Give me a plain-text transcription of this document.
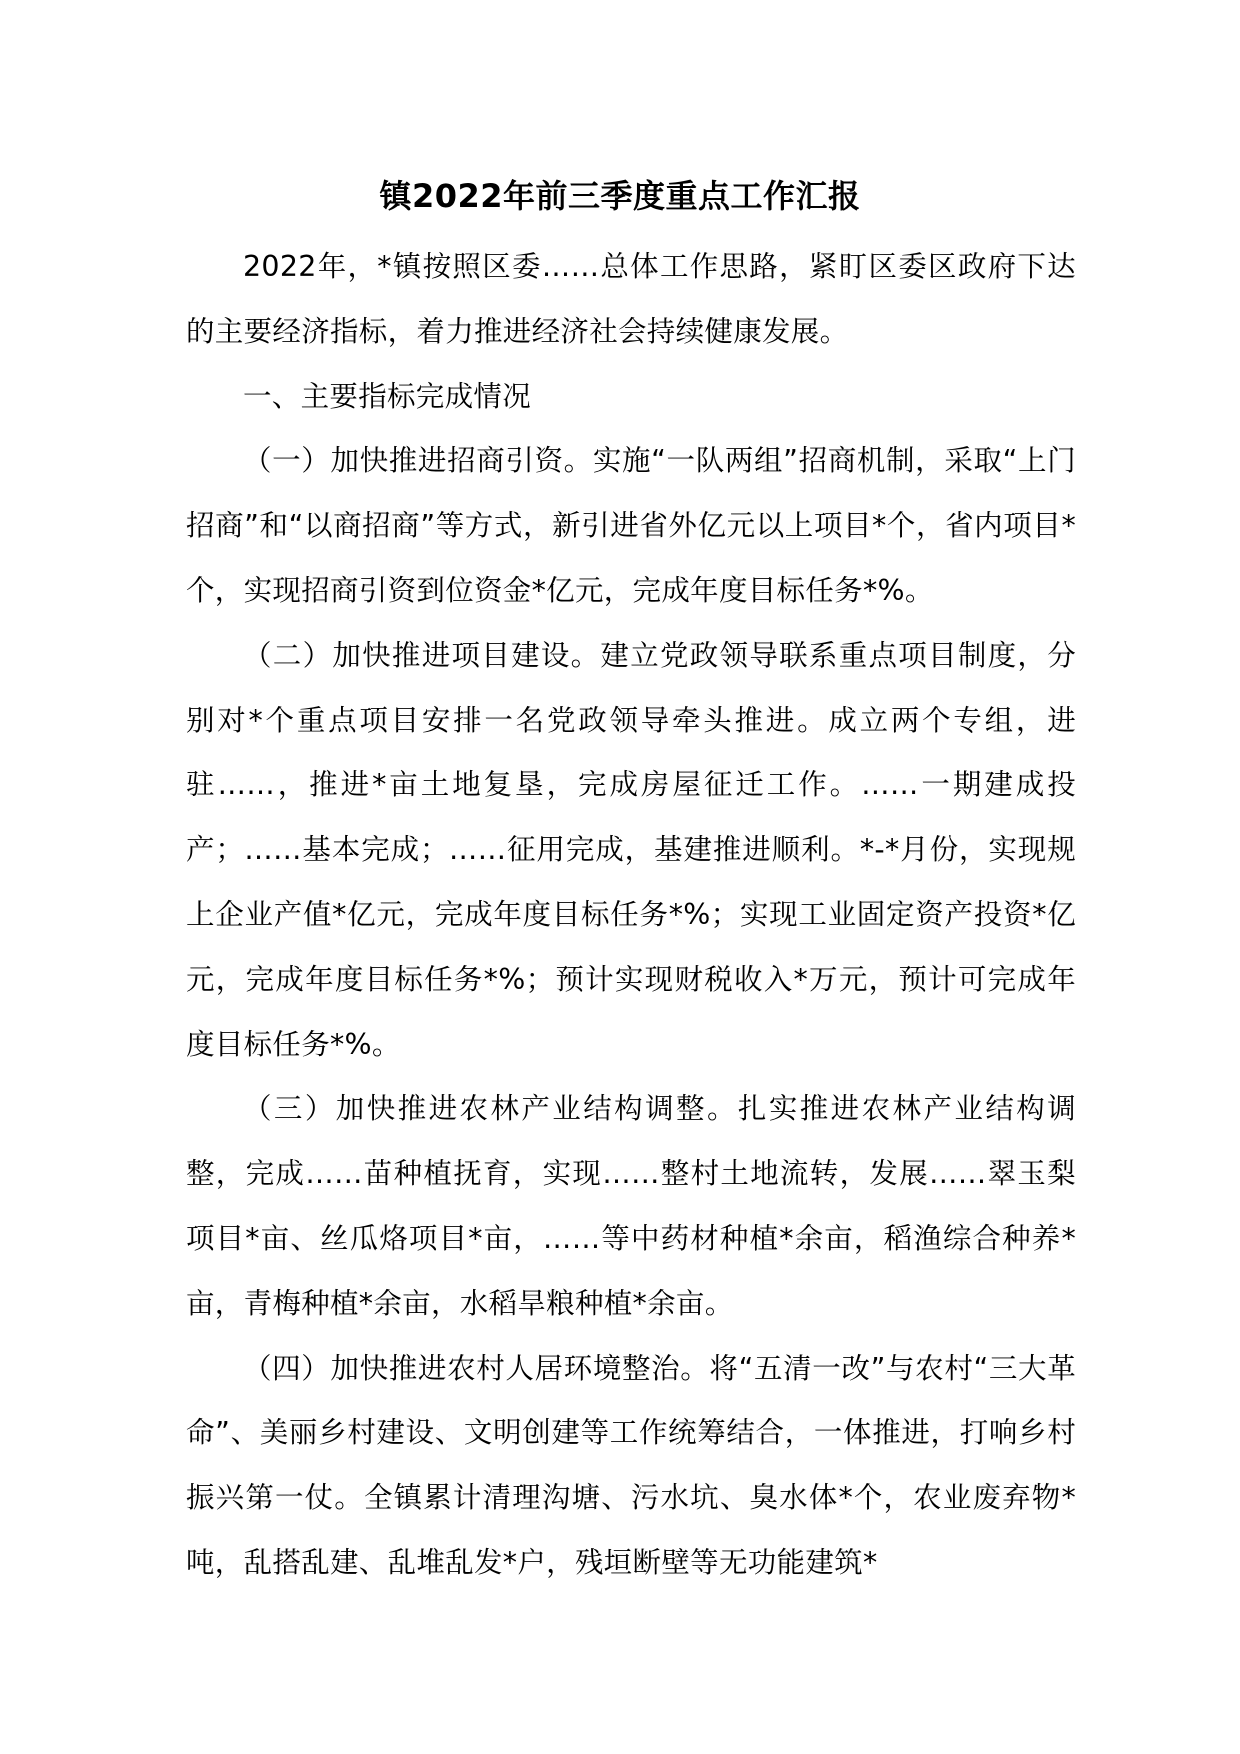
镇2022年前三季度重点工作汇报

2022年，*镇按照区委……总体工作思路，紧盯区委区政府下达的主要经济指标，着力推进经济社会持续健康发展。

一、主要指标完成情况

（一）加快推进招商引资。实施“一队两组”招商机制，采取“上门招商”和“以商招商”等方式，新引进省外亿元以上项目*个，省内项目*个，实现招商引资到位资金*亿元，完成年度目标任务*%。

（二）加快推进项目建设。建立党政领导联系重点项目制度，分别对*个重点项目安排一名党政领导牵头推进。成立两个专组，进驻……，推进*亩土地复垦，完成房屋征迁工作。……一期建成投产；……基本完成；……征用完成，基建推进顺利。*-*月份，实现规上企业产值*亿元，完成年度目标任务*%；实现工业固定资产投资*亿元，完成年度目标任务*%；预计实现财税收入*万元，预计可完成年度目标任务*%。

（三）加快推进农林产业结构调整。扎实推进农林产业结构调整，完成……苗种植抚育，实现……整村土地流转，发展……翠玉梨项目*亩、丝瓜烙项目*亩，……等中药材种植*余亩，稻渔综合种养*亩，青梅种植*余亩，水稻旱粮种植*余亩。

（四）加快推进农村人居环境整治。将“五清一改”与农村“三大革命”、美丽乡村建设、文明创建等工作统筹结合，一体推进，打响乡村振兴第一仗。全镇累计清理沟塘、污水坑、臭水体*个，农业废弃物*吨，乱搭乱建、乱堆乱发*户，残垣断壁等无功能建筑*
